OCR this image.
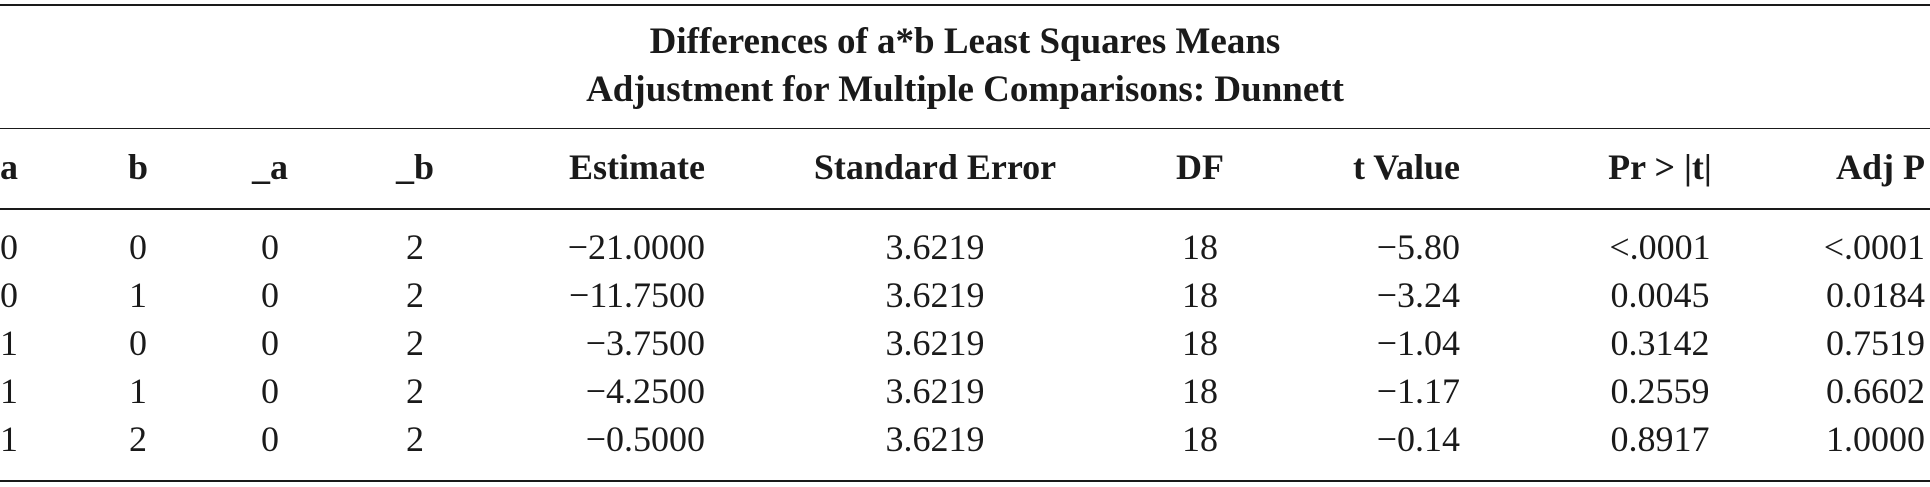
Differences of a*b Least Squares Means
Adjustment for Multiple Comparisons: Dunnett
a	b	_a	_b	Estimate	Standard Error	DF	t Value	Pr > |t|	Adj P
0	0	0	2	−21.0000	3.6219	18	−5.80	<.0001	<.0001
0	1	0	2	−11.7500	3.6219	18	−3.24	0.0045	0.0184
1	0	0	2	−3.7500	3.6219	18	−1.04	0.3142	0.7519
1	1	0	2	−4.2500	3.6219	18	−1.17	0.2559	0.6602
1	2	0	2	−0.5000	3.6219	18	−0.14	0.8917	1.0000
